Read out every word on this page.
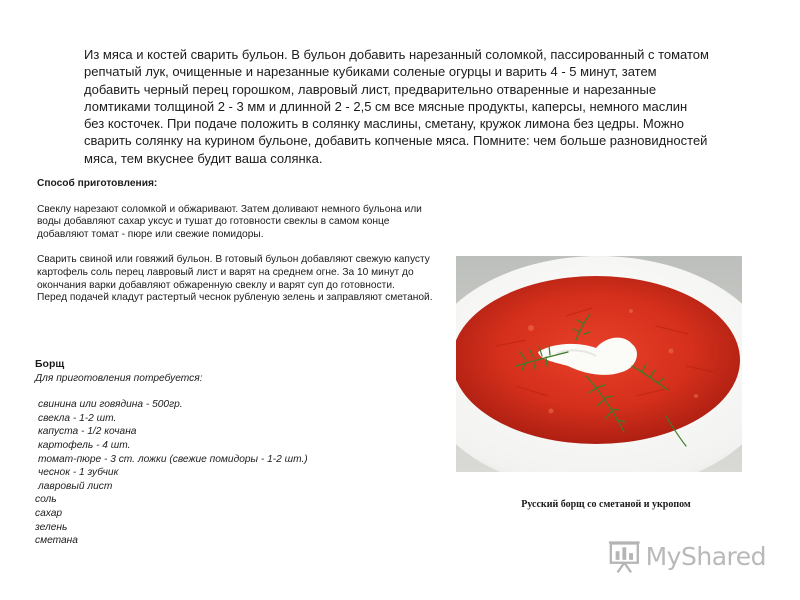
Из мяса и костей сварить бульон. В бульон добавить нарезанный соломкой, пассированный с томатом репчатый лук, очищенные и нарезанные кубиками соленые огурцы и варить 4 - 5 минут, затем добавить черный перец горошком, лавровый лист, предварительно отваренные и нарезанные ломтиками толщиной 2 - 3 мм и длинной 2 - 2,5 см все мясные продукты, каперсы, немного маслин без косточек. При подаче положить в солянку маслины, сметану, кружок лимона без цедры. Можно сварить солянку на курином бульоне, добавить копченые мяса. Помните: чем больше разновидностей мяса, тем вкуснее будит ваша солянка.

Способ приготовления:

Свеклу нарезают соломкой и обжаривают. Затем доливают немного бульона или воды добавляют сахар уксус и тушат до готовности свеклы в самом конце добавляют томат - пюре или свежие помидоры.

Сварить свиной или говяжий бульон. В готовый бульон добавляют свежую капусту картофель соль перец лавровый лист и варят на среднем огне. За 10 минут до окончания варки добавляют обжаренную свеклу и варят суп до готовности.

Перед подачей кладут растертый чеснок рубленую зелень и заправляют сметаной.

Борщ

Для приготовления потребуется:

свинина или говядина - 500гр.
свекла - 1-2 шт.
капуста - 1/2 кочана
картофель - 4 шт.
томат-пюре - 3 ст. ложки (свежие помидоры - 1-2 шт.)
чеснок - 1 зубчик
лавровый лист
соль
сахар
зелень
сметана
Русский борщ со сметаной и укропом
MyShared
